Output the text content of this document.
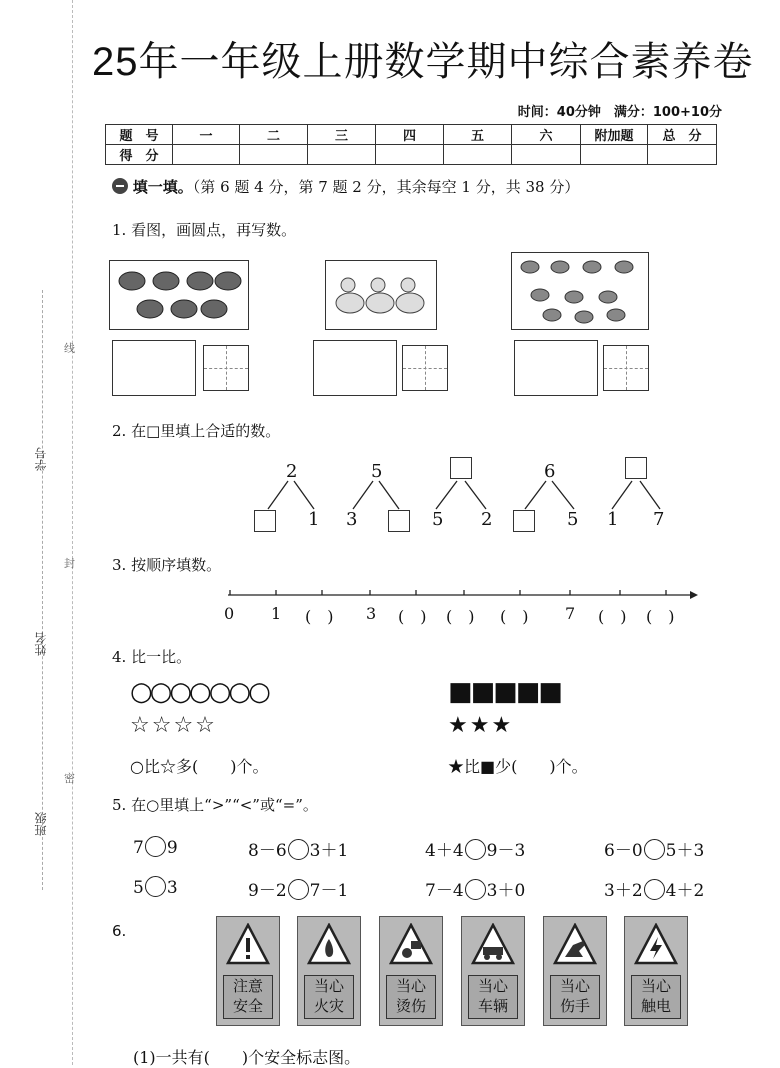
25年一年级上册数学期中综合素养卷
时间：40分钟　满分：100+10分
题　号	一	二	三	四	五	六	附加题	总　分
得　分								
学号
姓名
班级
线
封
密
填一填。（第 6 题 4 分，第 7 题 2 分，其余每空 1 分，共 38 分）
1. 看图，画圆点，再写数。
2. 在□里填上合适的数。
2
1
5
3	5 2
6
5 1 7
3. 按顺序填数。
0 1 (　) 3 (　) (　) (　) 7 (　) (　)
4. 比一比。
○○○○○○○	■■■■■
☆☆☆☆	★★★
○比☆多(　　)个。	★比■少(　　)个。
5. 在○里填上“>”“<”或“=”。
7 9	8－6 3＋1	4＋4 9－3	6－0 5＋3
5 3	9－2 7－1	7－4 3＋0	3＋2 4＋2
6.
注意
安全
当心
火灾
当心
烫伤
当心
车辆
当心
伤手
当心
触电
(1)一共有(　　)个安全标志图。
